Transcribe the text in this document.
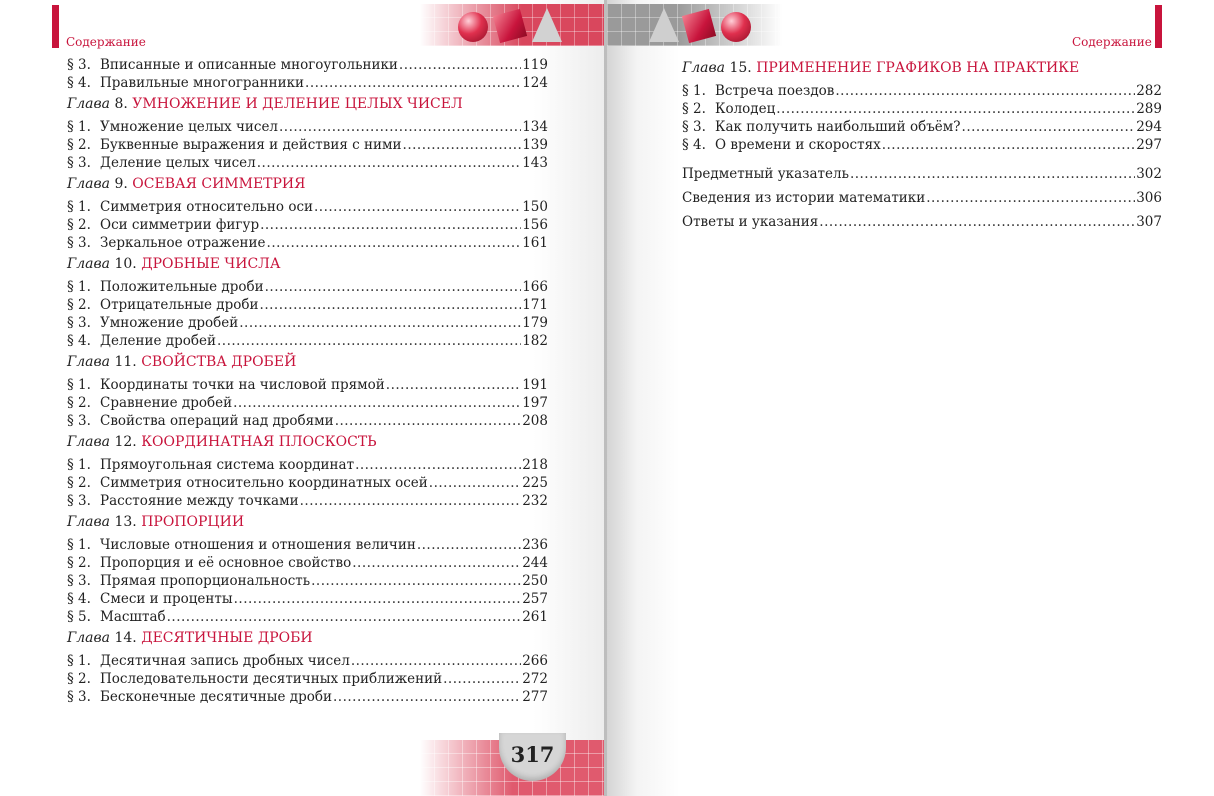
Содержание
§ 3. Вписанные и описанные многоугольники .....	119
§ 4. Правильные многогранники .....	124
Глава 8. УМНОЖЕНИЕ И ДЕЛЕНИЕ ЦЕЛЫХ ЧИСЕЛ
§ 1. Умножение целых чисел .....	134
§ 2. Буквенные выражения и действия с ними .....	139
§ 3. Деление целых чисел .....	143
Глава 9. ОСЕВАЯ СИММЕТРИЯ
§ 1. Симметрия относительно оси .....	150
§ 2. Оси симметрии фигур .....	156
§ 3. Зеркальное отражение .....	161
Глава 10. ДРОБНЫЕ ЧИСЛА
§ 1. Положительные дроби .....	166
§ 2. Отрицательные дроби .....	171
§ 3. Умножение дробей .....	179
§ 4. Деление дробей .....	182
Глава 11. СВОЙСТВА ДРОБЕЙ
§ 1. Координаты точки на числовой прямой .....	191
§ 2. Сравнение дробей .....	197
§ 3. Свойства операций над дробями .....	208
Глава 12. КООРДИНАТНАЯ ПЛОСКОСТЬ
§ 1. Прямоугольная система координат .....	218
§ 2. Симметрия относительно координатных осей .....	225
§ 3. Расстояние между точками .....	232
Глава 13. ПРОПОРЦИИ
§ 1. Числовые отношения и отношения величин .....	236
§ 2. Пропорция и её основное свойство .....	244
§ 3. Прямая пропорциональность .....	250
§ 4. Смеси и проценты .....	257
§ 5. Масштаб .....	261
Глава 14. ДЕСЯТИЧНЫЕ ДРОБИ
§ 1. Десятичная запись дробных чисел .....	266
§ 2. Последовательности десятичных приближений .....	272
§ 3. Бесконечные десятичные дроби .....	277
317
Содержание
Глава 15. ПРИМЕНЕНИЕ ГРАФИКОВ НА ПРАКТИКЕ
§ 1. Встреча поездов .....	282
§ 2. Колодец .....	289
§ 3. Как получить наибольший объём? .....	294
§ 4. О времени и скоростях .....	297
Предметный указатель .....	302
Сведения из истории математики .....	306
Ответы и указания .....	307
